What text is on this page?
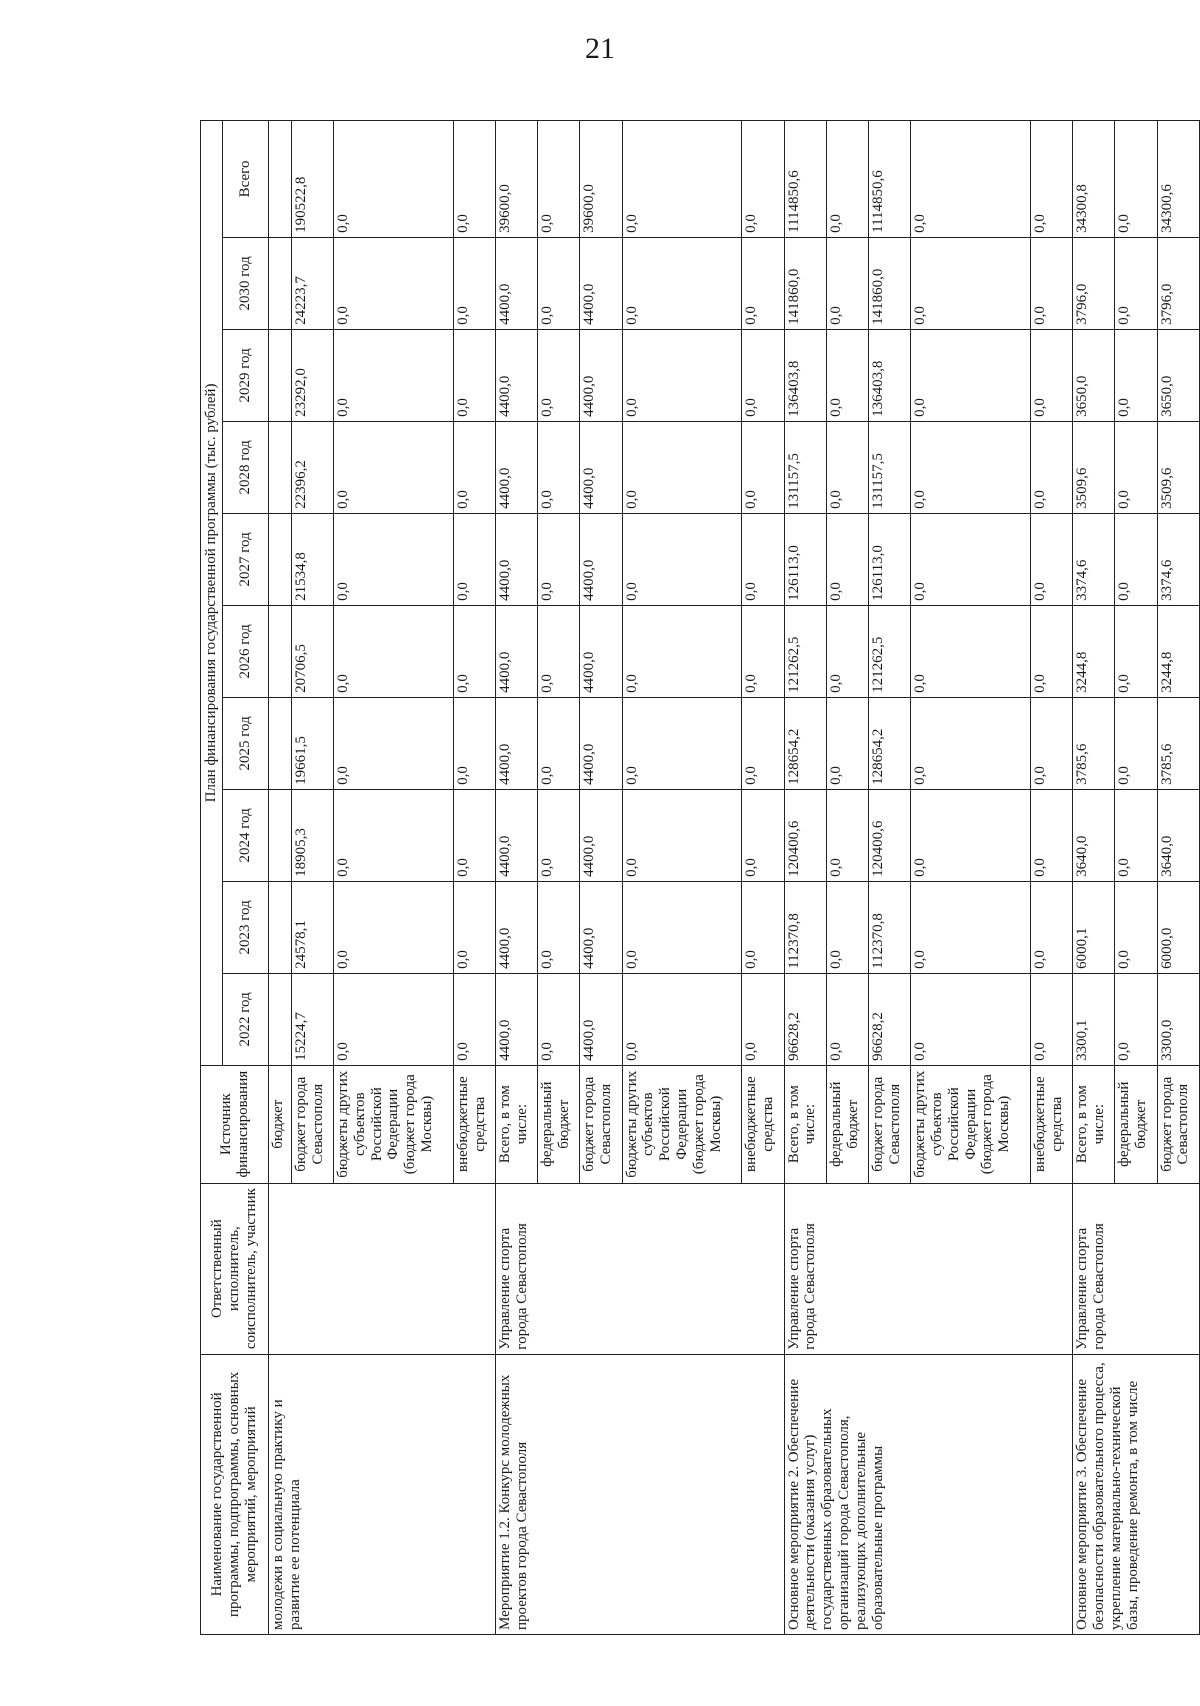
21
Наименование государственной программы, подпрограммы, основных мероприятий, мероприятий	Ответственный исполнитель, соисполнитель, участник	Источник финансирования	План финансирования государственной программы (тыс. рублей)									
			2022 год	2023 год	2024 год	2025 год	2026 год	2027 год	2028 год	2029 год	2030 год	Всего
молодежи в социальную практику и развитие ее потенциала		бюджет										
		бюджет города Севастополя	15224,7	24578,1	18905,3	19661,5	20706,5	21534,8	22396,2	23292,0	24223,7	190522,8
		бюджеты других субъектов Российской Федерации (бюджет города Москвы)	0,0	0,0	0,0	0,0	0,0	0,0	0,0	0,0	0,0	0,0
		внебюджетные средства	0,0	0,0	0,0	0,0	0,0	0,0	0,0	0,0	0,0	0,0
Мероприятие 1.2. Конкурс молодежных проектов города Севастополя	Управление спорта города Севастополя	Всего, в том числе:	4400,0	4400,0	4400,0	4400,0	4400,0	4400,0	4400,0	4400,0	4400,0	39600,0
		федеральный бюджет	0,0	0,0	0,0	0,0	0,0	0,0	0,0	0,0	0,0	0,0
		бюджет города Севастополя	4400,0	4400,0	4400,0	4400,0	4400,0	4400,0	4400,0	4400,0	4400,0	39600,0
		бюджеты других субъектов Российской Федерации (бюджет города Москвы)	0,0	0,0	0,0	0,0	0,0	0,0	0,0	0,0	0,0	0,0
		внебюджетные средства	0,0	0,0	0,0	0,0	0,0	0,0	0,0	0,0	0,0	0,0
Основное мероприятие 2. Обеспечение деятельности (оказания услуг) государственных образовательных организаций города Севастополя, реализующих дополнительные образовательные программы	Управление спорта города Севастополя	Всего, в том числе:	96628,2	112370,8	120400,6	128654,2	121262,5	126113,0	131157,5	136403,8	141860,0	1114850,6
		федеральный бюджет	0,0	0,0	0,0	0,0	0,0	0,0	0,0	0,0	0,0	0,0
		бюджет города Севастополя	96628,2	112370,8	120400,6	128654,2	121262,5	126113,0	131157,5	136403,8	141860,0	1114850,6
		бюджеты других субъектов Российской Федерации (бюджет города Москвы)	0,0	0,0	0,0	0,0	0,0	0,0	0,0	0,0	0,0	0,0
		внебюджетные средства	0,0	0,0	0,0	0,0	0,0	0,0	0,0	0,0	0,0	0,0
Основное мероприятие 3. Обеспечение безопасности образовательного процесса, укрепление материально-технической базы, проведение ремонта, в том числе	Управление спорта города Севастополя	Всего, в том числе:	3300,1	6000,1	3640,0	3785,6	3244,8	3374,6	3509,6	3650,0	3796,0	34300,8
		федеральный бюджет	0,0	0,0	0,0	0,0	0,0	0,0	0,0	0,0	0,0	0,0
		бюджет города Севастополя	3300,0	6000,0	3640,0	3785,6	3244,8	3374,6	3509,6	3650,0	3796,0	34300,6
